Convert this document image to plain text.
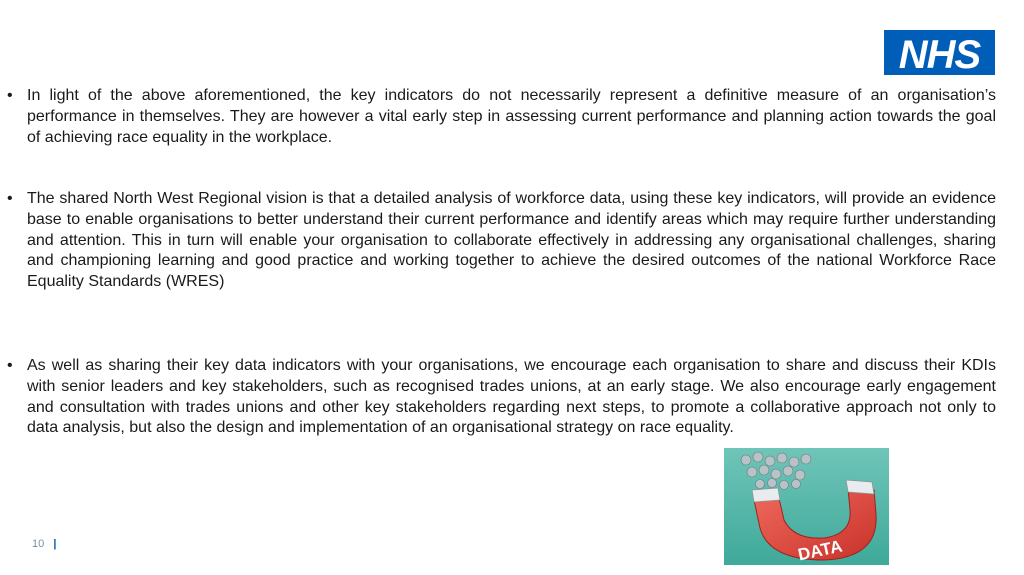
NHS
• In light of the above aforementioned, the key indicators do not necessarily represent a definitive measure of an organisation’s performance in themselves. They are however a vital early step in assessing current performance and planning action towards the goal of achieving race equality in the workplace.

• The shared North West Regional vision is that a detailed analysis of workforce data, using these key indicators, will provide an evidence base to enable organisations to better understand their current performance and identify areas which may require further understanding and attention. This in turn will enable your organisation to collaborate effectively in addressing any organisational challenges, sharing and championing learning and good practice and working together to achieve the desired outcomes of the national Workforce Race Equality Standards (WRES)

• As well as sharing their key data indicators with your organisations, we encourage each organisation to share and discuss their KDIs with senior leaders and key stakeholders, such as recognised trades unions, at an early stage. We also encourage early engagement and consultation with trades unions and other key stakeholders regarding next steps, to promote a collaborative approach not only to data analysis, but also the design and implementation of an organisational strategy on race equality.

DATA
10 |
